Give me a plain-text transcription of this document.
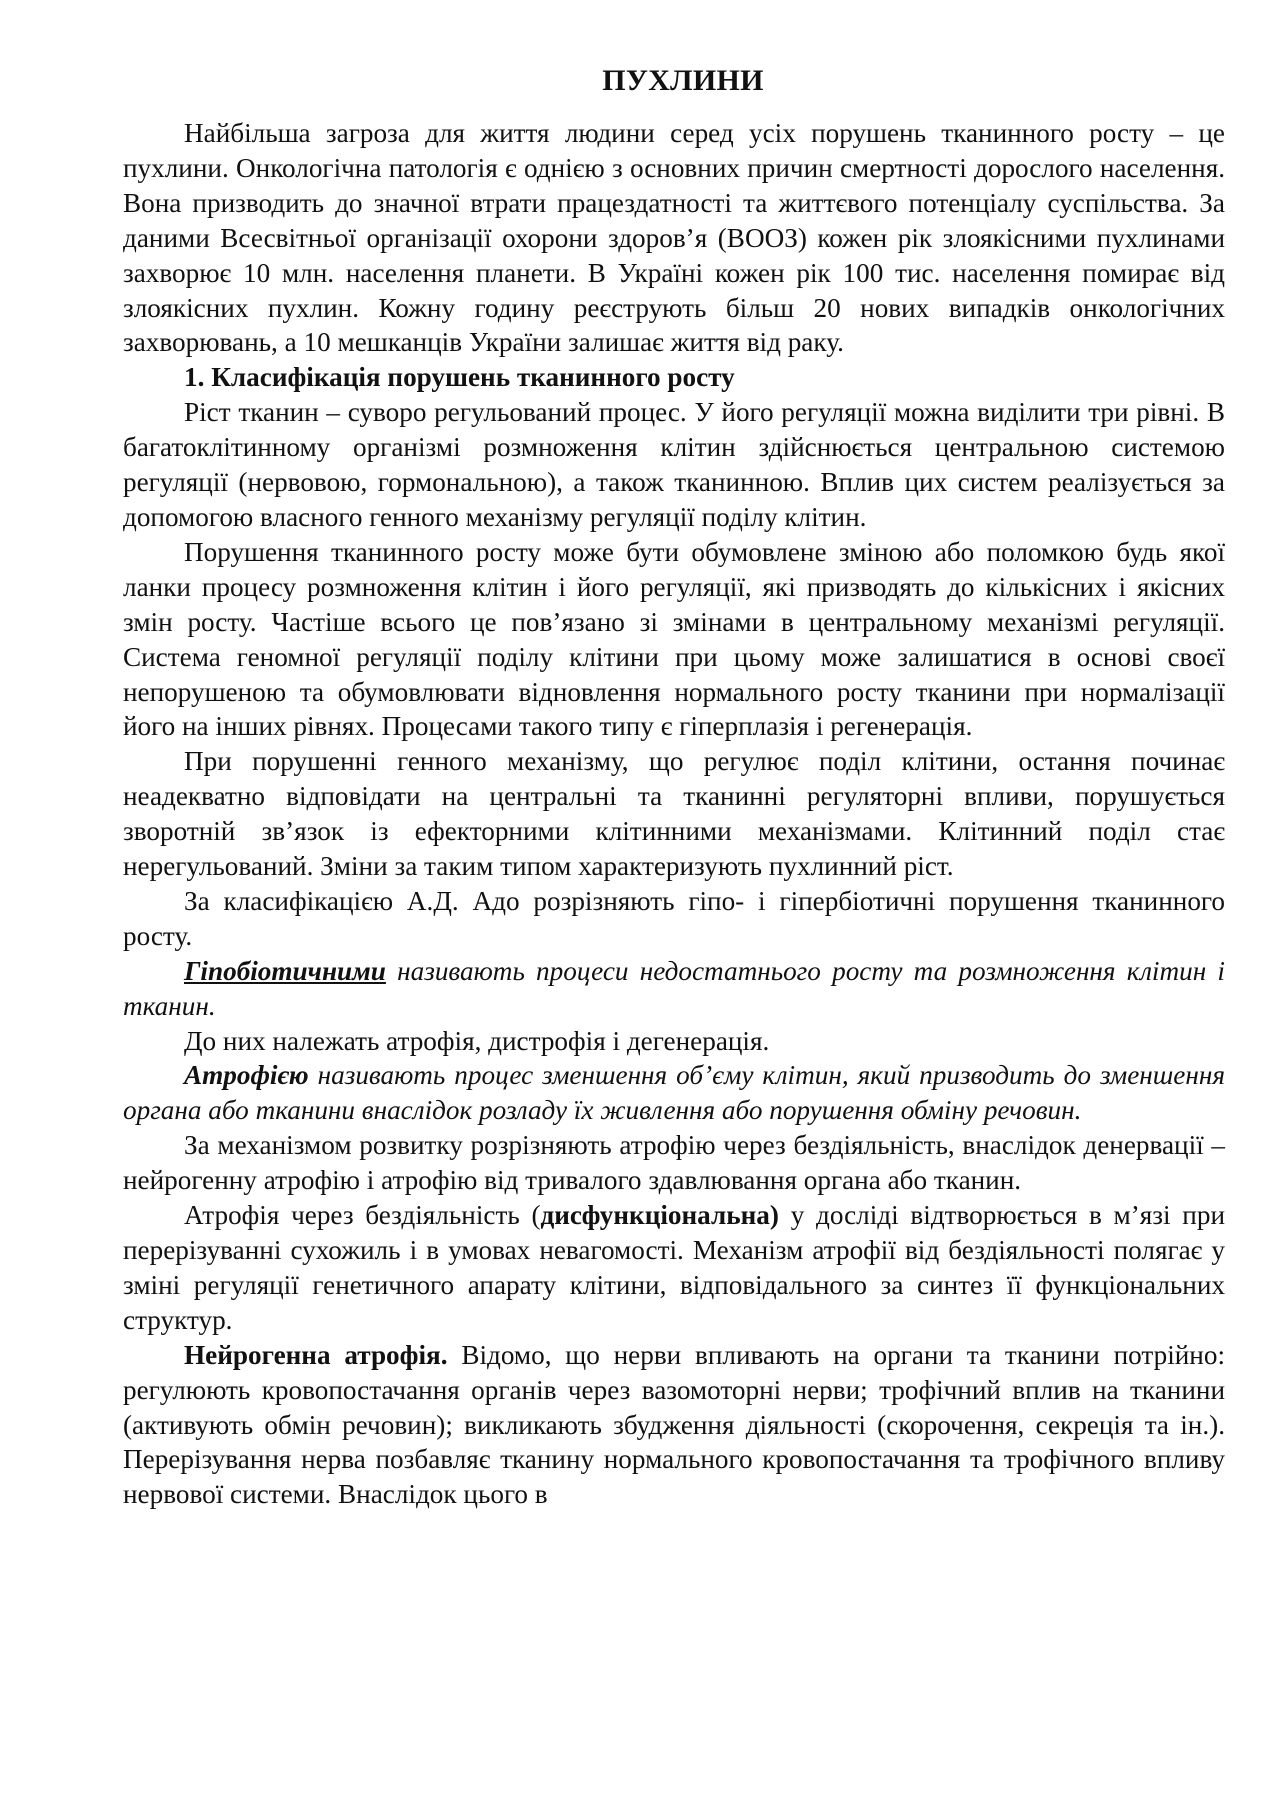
ПУХЛИНИ

Найбільша загроза для життя людини серед усіх порушень тканинного росту – це пухлини. Онкологічна патологія є однією з основних причин смертності дорослого населення. Вона призводить до значної втрати працездатності та життєвого потенціалу суспільства. За даними Всесвітньої організації охорони здоров’я (ВООЗ) кожен рік злоякісними пухлинами захворює 10 млн. населення планети. В Україні кожен рік 100 тис. населення помирає від злоякісних пухлин. Кожну годину реєструють більш 20 нових випадків онкологічних захворювань, а 10 мешканців України залишає життя від раку.

1. Класифікація порушень тканинного росту

Ріст тканин – суворо регульований процес. У його регуляції можна виділити три рівні. В багатоклітинному організмі розмноження клітин здійснюється центральною системою регуляції (нервовою, гормональною), а також тканинною. Вплив цих систем реалізується за допомогою власного генного механізму регуляції поділу клітин.

Порушення тканинного росту може бути обумовлене зміною або поломкою будь якої ланки процесу розмноження клітин і його регуляції, які призводять до кількісних і якісних змін росту. Частіше всього це пов’язано зі змінами в центральному механізмі регуляції. Система геномної регуляції поділу клітини при цьому може залишатися в основі своєї непорушеною та обумовлювати відновлення нормального росту тканини при нормалізації його на інших рівнях. Процесами такого типу є гіперплазія і регенерація.

При порушенні генного механізму, що регулює поділ клітини, остання починає неадекватно відповідати на центральні та тканинні регуляторні впливи, порушується зворотній зв’язок із ефекторними клітинними механізмами. Клітинний поділ стає нерегульований. Зміни за таким типом характеризують пухлинний ріст.

За класифікацією А.Д. Адо розрізняють гіпо- і гіпербіотичні порушення тканинного росту.

Гіпобіотичними називають процеси недостатнього росту та розмноження клітин і тканин.

До них належать атрофія, дистрофія і дегенерація.

Атрофією називають процес зменшення об’єму клітин, який призводить до зменшення органа або тканини внаслідок розладу їх живлення або порушення обміну речовин.

За механізмом розвитку розрізняють атрофію через бездіяльність, внаслідок денервації – нейрогенну атрофію і атрофію від тривалого здавлювання органа або тканин.

Атрофія через бездіяльність (дисфункціональна) у досліді відтворюється в м’язі при перерізуванні сухожиль і в умовах невагомості. Механізм атрофії від бездіяльності полягає у зміні регуляції генетичного апарату клітини, відповідального за синтез її функціональних структур.

Нейрогенна атрофія. Відомо, що нерви впливають на органи та тканини потрійно: регулюють кровопостачання органів через вазомоторні нерви; трофічний вплив на тканини (активують обмін речовин); викликають збудження діяльності (скорочення, секреція та ін.). Перерізування нерва позбавляє тканину нормального кровопостачання та трофічного впливу нервової системи. Внаслідок цього в
